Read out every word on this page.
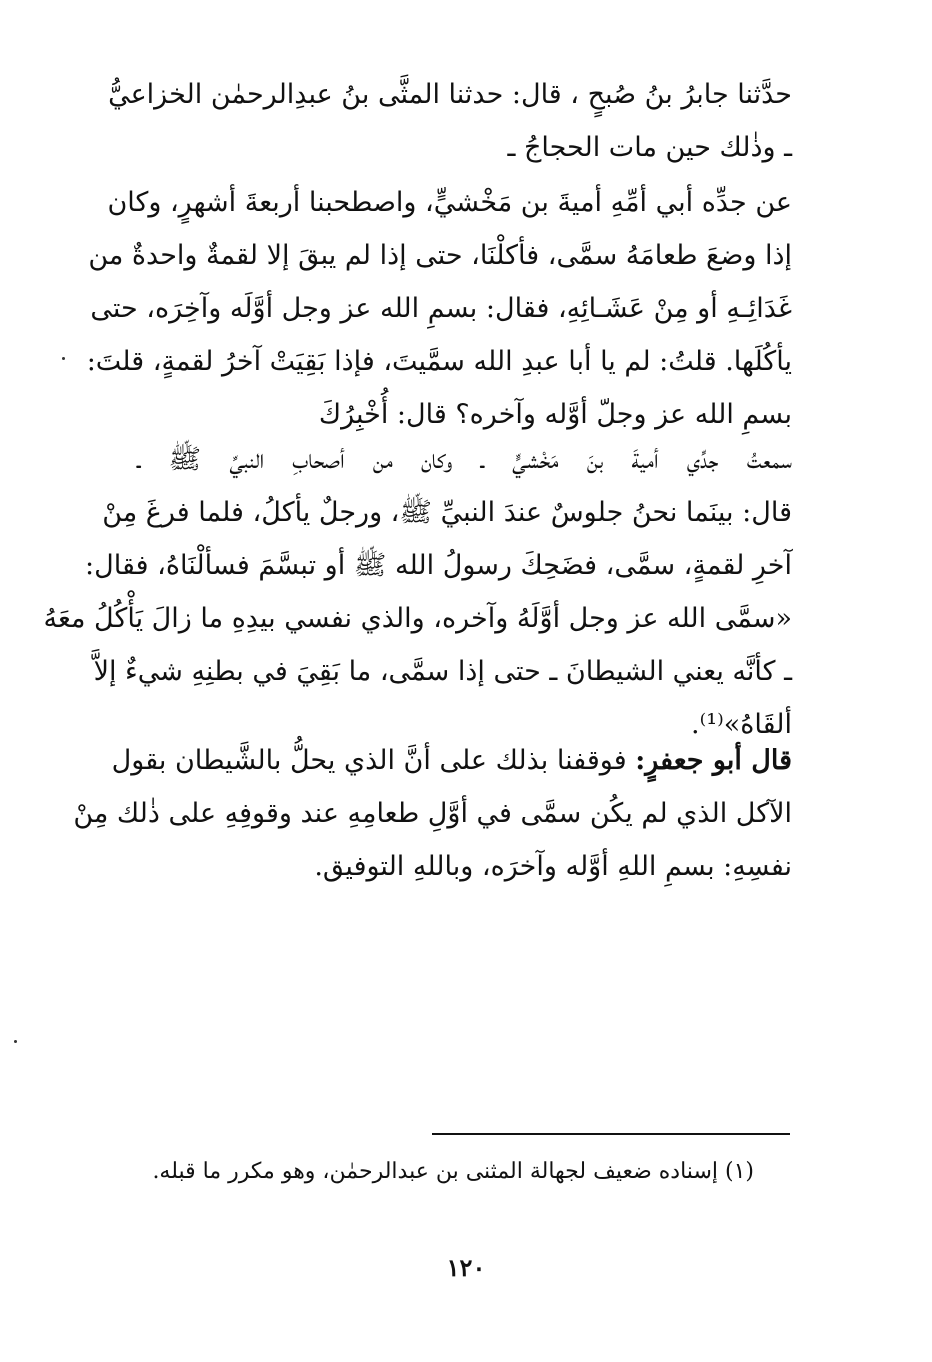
حدَّثنا جابرُ بنُ صُبحٍ ، قال: حدثنا المثَّى بنُ عبدِالرحمٰن الخزاعيُّ
ـ وذٰلك حين مات الحجاجُ ـ
عن جدِّه أبي أمِّهِ أميةَ بن مَخْشيٍّ، واصطحبنا أربعةَ أشهرٍ، وكان
إذا وضعَ طعامَهُ سمَّى، فأكلْنَا، حتى إذا لم يبقَ إلا لقمةٌ واحدةٌ من
غَدَائِـهِ أو مِنْ عَشَـائِهِ، فقال: بسمِ الله عز وجل أوَّلَه وآخِرَه، حتى
يأكُلَها. قلتُ: لم يا أبا عبدِ الله سمَّيتَ، فإذا بَقِيَتْ آخرُ لقمةٍ، قلتَ:
بسمِ الله عز وجلّ أوَّله وآخره؟ قال: أُخْبِرُكَ
سمعتُ جدِّي أميةَ بنَ مَخْشيٍّ ـ وكان من أصحابِ النبيِّ ﷺ ـ
قال: بينَما نحنُ جلوسٌ عندَ النبيِّ ﷺ، ورجلٌ يأكلُ، فلما فرغَ مِنْ
آخرِ لقمةٍ، سمَّى، فضَحِكَ رسولُ الله ﷺ أو تبسَّمَ فسألْنَاهُ، فقال:
«سمَّى الله عز وجل أوَّلَهُ وآخره، والذي نفسي بيدِهِ ما زالَ يَأْكُلُ معَهُ
ـ كأنَّه يعني الشيطانَ ـ حتى إذا سمَّى، ما بَقِيَ في بطنِهِ شيءٌ إلاَّ
ألقَاهُ»⁽¹⁾.
قال أبو جعفرٍ: فوقفنا بذلك على أنَّ الذي يحلُّ بالشَّيطان بقول
الآكل الذي لم يكُن سمَّى في أوَّلِ طعامِهِ عند وقوفِهِ على ذٰلك مِنْ
نفسِهِ: بسمِ اللهِ أوَّله وآخرَه، وباللهِ التوفيق.
(١) إسناده ضعيف لجهالة المثنى بن عبدالرحمٰن، وهو مكرر ما قبله.
١٢٠
